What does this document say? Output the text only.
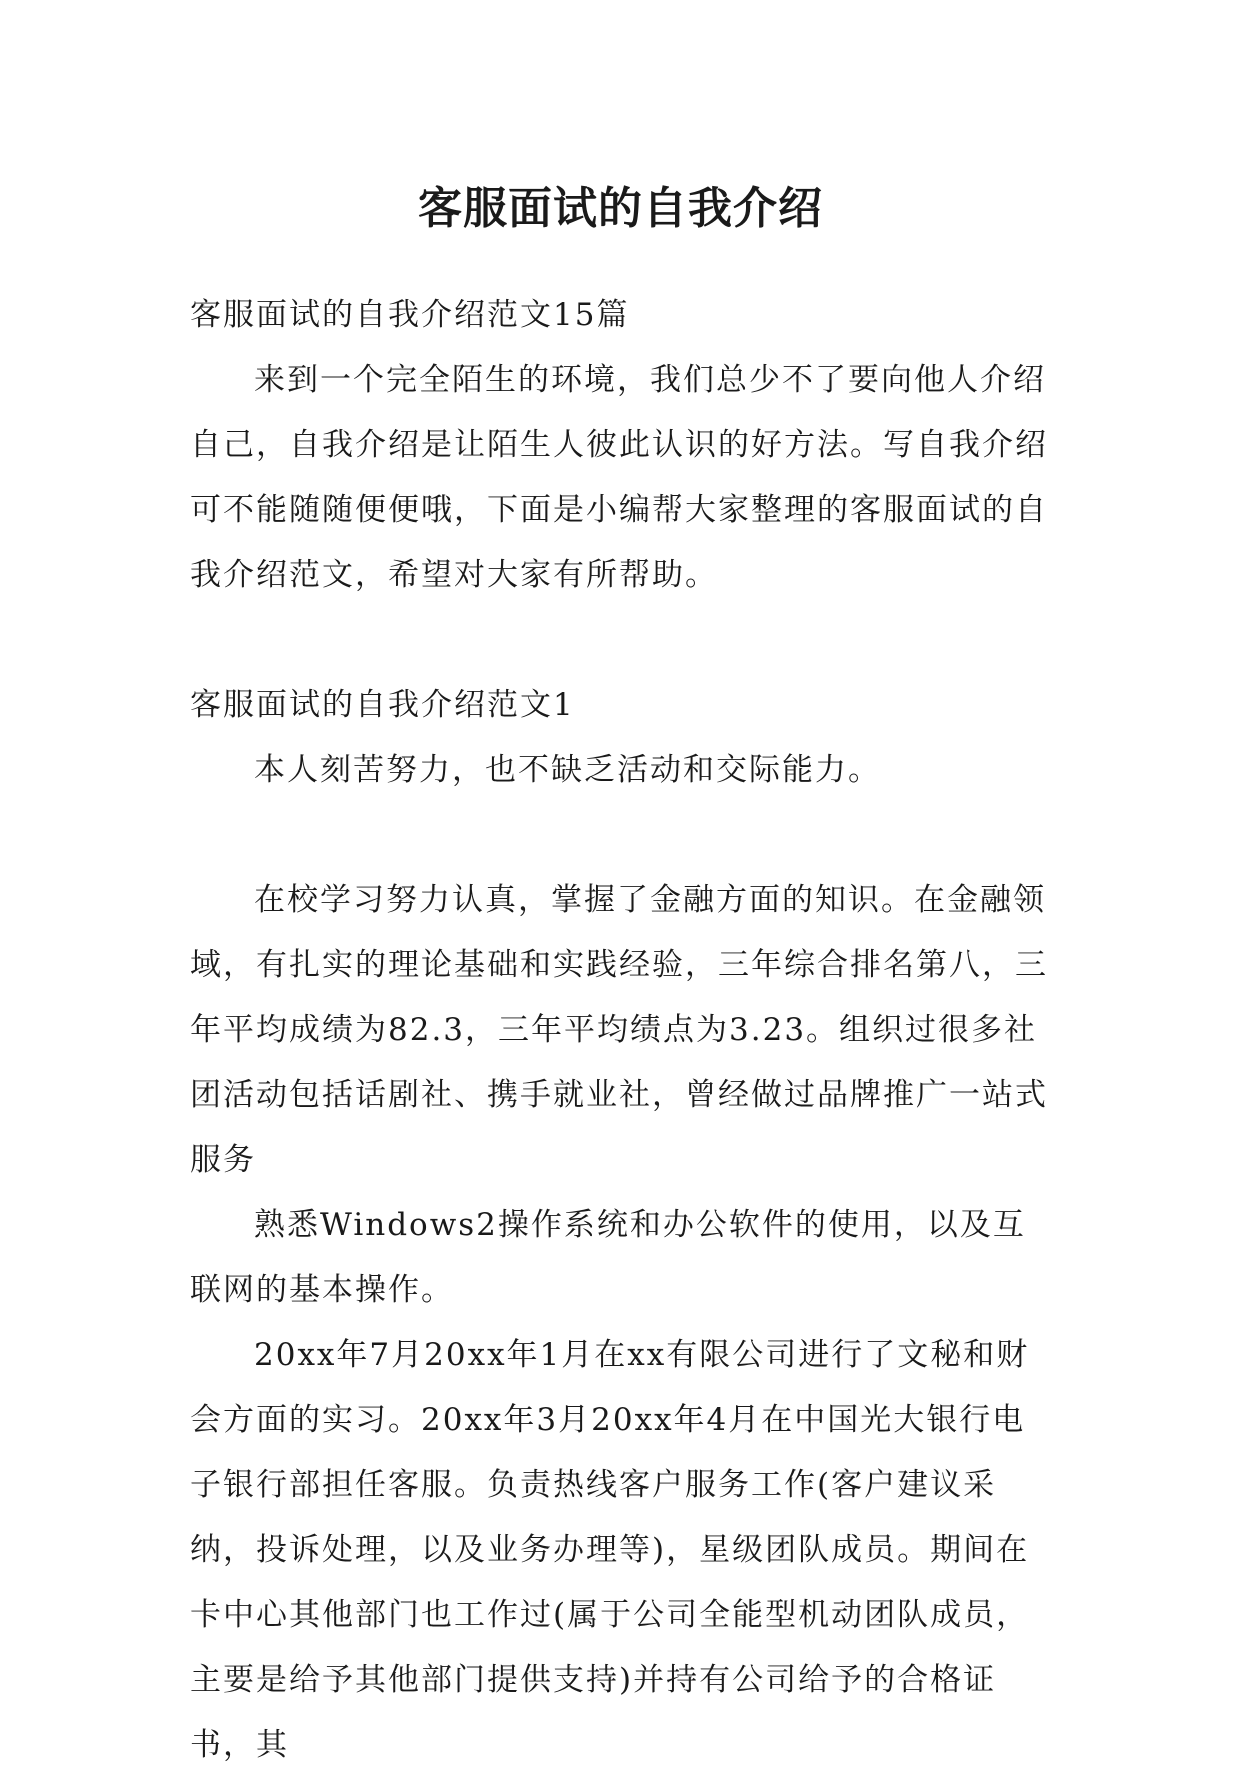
客服面试的自我介绍

客服面试的自我介绍范文15篇

来到一个完全陌生的环境，我们总少不了要向他人介绍自己，自我介绍是让陌生人彼此认识的好方法。写自我介绍可不能随随便便哦，下面是小编帮大家整理的客服面试的自我介绍范文，希望对大家有所帮助。

客服面试的自我介绍范文1

本人刻苦努力，也不缺乏活动和交际能力。

在校学习努力认真，掌握了金融方面的知识。在金融领域，有扎实的理论基础和实践经验，三年综合排名第八，三年平均成绩为82.3，三年平均绩点为3.23。组织过很多社团活动包括话剧社、携手就业社，曾经做过品牌推广一站式服务

熟悉Windows2操作系统和办公软件的使用，以及互联网的基本操作。

20xx年7月20xx年1月在xx有限公司进行了文秘和财会方面的实习。20xx年3月20xx年4月在中国光大银行电子银行部担任客服。负责热线客户服务工作(客户建议采纳，投诉处理，以及业务办理等)，星级团队成员。期间在卡中心其他部门也工作过(属于公司全能型机动团队成员，主要是给予其他部门提供支持)并持有公司给予的合格证书，其
